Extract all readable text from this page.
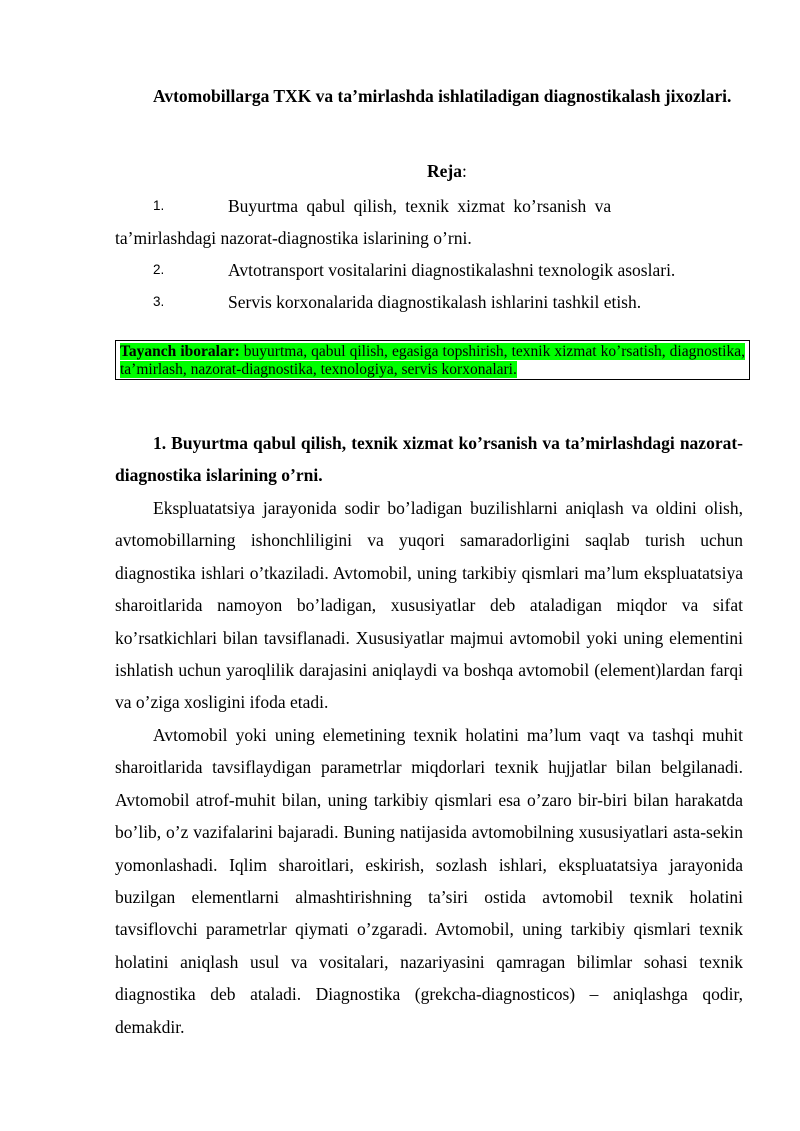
Avtomobillarga TXK va ta’mirlashda ishlatiladigan diagnostikalash jixozlari.

Reja:
1.	Buyurtma qabul qilish, texnik xizmat ko’rsanish va
ta’mirlashdagi nazorat-diagnostika islarining o’rni.
2.	Avtotransport vositalarini diagnostikalashni texnologik asoslari.
3.	Servis korxonalarida diagnostikalash ishlarini tashkil etish.
Tayanch iboralar: buyurtma, qabul qilish, egasiga topshirish, texnik xizmat ko’rsatish, diagnostika, ta’mirlash, nazorat-diagnostika, texnologiya, servis korxonalari.

1. Buyurtma qabul qilish, texnik xizmat ko’rsanish va ta’mirlashdagi nazorat-diagnostika islarining o’rni.

Ekspluatatsiya jarayonida sodir bo’ladigan buzilishlarni aniqlash va oldini olish, avtomobillarning ishonchliligini va yuqori samaradorligini saqlab turish uchun diagnostika ishlari o’tkaziladi. Avtomobil, uning tarkibiy qismlari ma’lum ekspluatatsiya sharoitlarida namoyon bo’ladigan, xususiyatlar deb ataladigan miqdor va sifat ko’rsatkichlari bilan tavsiflanadi. Xususiyatlar majmui avtomobil yoki uning elementini ishlatish uchun yaroqlilik darajasini aniqlaydi va boshqa avtomobil (element)lardan farqi va o’ziga xosligini ifoda etadi.

Avtomobil yoki uning elemetining texnik holatini ma’lum vaqt va tashqi muhit sharoitlarida tavsiflaydigan parametrlar miqdorlari texnik hujjatlar bilan belgilanadi. Avtomobil atrof-muhit bilan, uning tarkibiy qismlari esa o’zaro bir-biri bilan harakatda bo’lib, o’z vazifalarini bajaradi. Buning natijasida avtomobilning xususiyatlari asta-sekin yomonlashadi. Iqlim sharoitlari, eskirish, sozlash ishlari, ekspluatatsiya jarayonida buzilgan elementlarni almashtirishning ta’siri ostida avtomobil texnik holatini tavsiflovchi parametrlar qiymati o’zgaradi. Avtomobil, uning tarkibiy qismlari texnik holatini aniqlash usul va vositalari, nazariyasini qamragan bilimlar sohasi texnik diagnostika deb ataladi. Diagnostika (grekcha-diagnosticos) – aniqlashga qodir, demakdir.
